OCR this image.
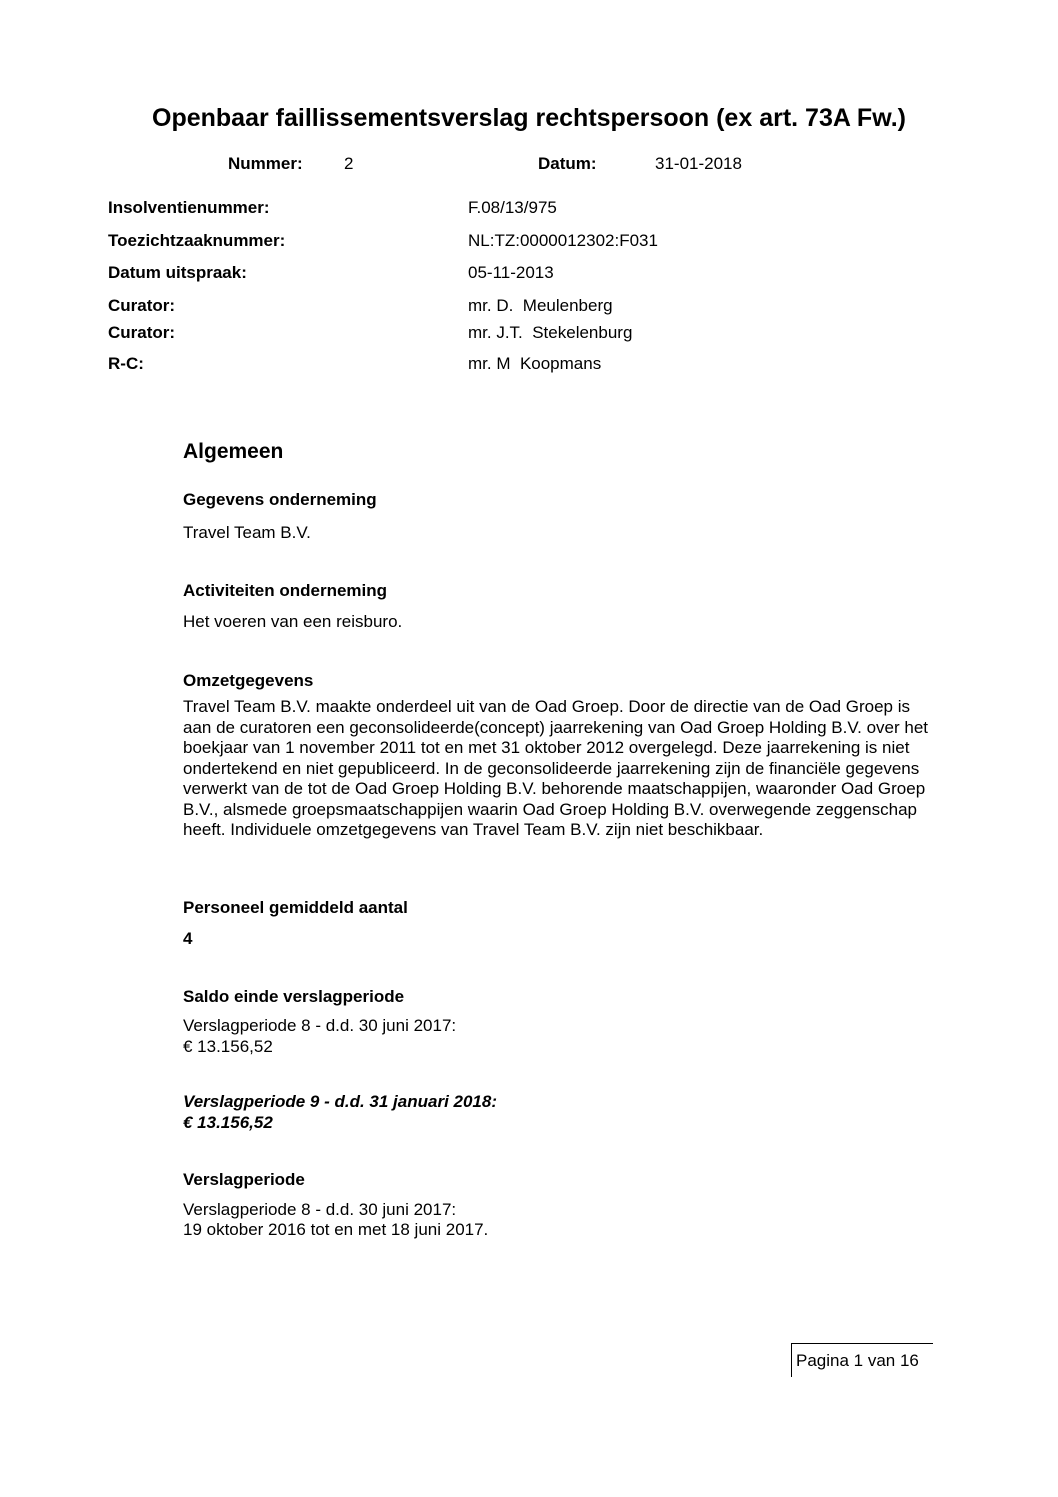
Openbaar faillissementsverslag rechtspersoon (ex art. 73A Fw.)
Nummer: 2	Datum:	31-01-2018
Insolventienummer:	F.08/13/975
Toezichtzaaknummer:	NL:TZ:0000012302:F031
Datum uitspraak:	05-11-2013
Curator:	mr. D.  Meulenberg
Curator:	mr. J.T.  Stekelenburg
R-C:	mr. M  Koopmans
Algemeen
Gegevens onderneming
Travel Team B.V.
Activiteiten onderneming
Het voeren van een reisburo.
Omzetgegevens
Travel Team B.V. maakte onderdeel uit van de Oad Groep. Door de directie van de Oad Groep is aan de curatoren een geconsolideerde(concept) jaarrekening van Oad Groep Holding B.V. over het boekjaar van 1 november 2011 tot en met 31 oktober 2012 overgelegd. Deze jaarrekening is niet ondertekend en niet gepubliceerd. In de geconsolideerde jaarrekening zijn de financiële gegevens verwerkt van de tot de Oad Groep Holding B.V. behorende maatschappijen, waaronder Oad Groep B.V., alsmede groepsmaatschappijen waarin Oad Groep Holding B.V. overwegende zeggenschap heeft. Individuele omzetgegevens van Travel Team B.V. zijn niet beschikbaar.
Personeel gemiddeld aantal
4
Saldo einde verslagperiode
Verslagperiode 8 - d.d. 30 juni 2017:
€ 13.156,52
Verslagperiode 9 - d.d. 31 januari 2018:
€ 13.156,52
Verslagperiode
Verslagperiode 8 - d.d. 30 juni 2017:
19 oktober 2016 tot en met 18 juni 2017.
Pagina 1 van 16
